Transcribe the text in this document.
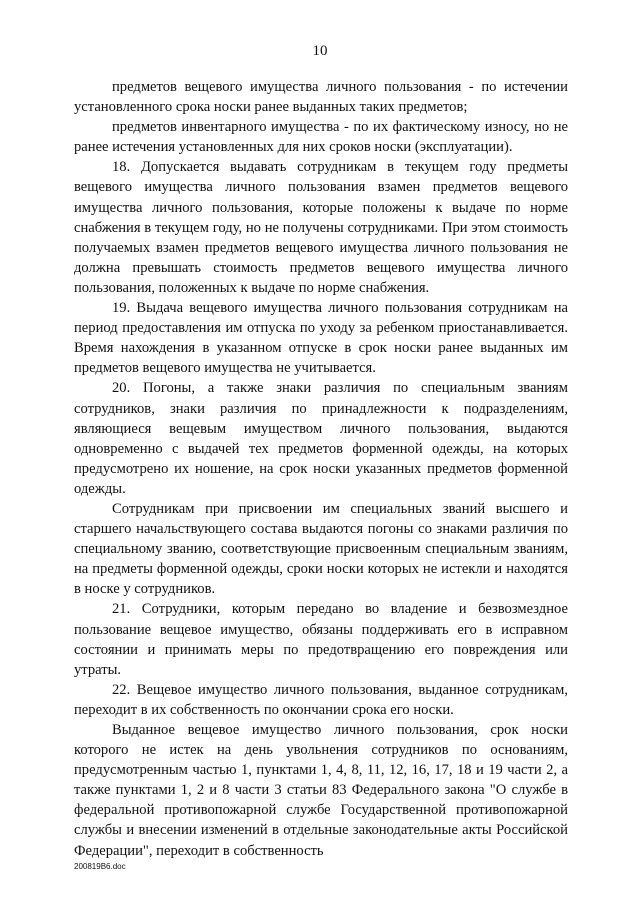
10

предметов вещевого имущества личного пользования - по истечении установленного срока носки ранее выданных таких предметов;

предметов инвентарного имущества - по их фактическому износу, но не ранее истечения установленных для них сроков носки (эксплуатации).

18. Допускается выдавать сотрудникам в текущем году предметы вещевого имущества личного пользования взамен предметов вещевого имущества личного пользования, которые положены к выдаче по норме снабжения в текущем году, но не получены сотрудниками. При этом стоимость получаемых взамен предметов вещевого имущества личного пользования не должна превышать стоимость предметов вещевого имущества личного пользования, положенных к выдаче по норме снабжения.

19. Выдача вещевого имущества личного пользования сотрудникам на период предоставления им отпуска по уходу за ребенком приостанавливается. Время нахождения в указанном отпуске в срок носки ранее выданных им предметов вещевого имущества не учитывается.

20. Погоны, а также знаки различия по специальным званиям сотрудников, знаки различия по принадлежности к подразделениям, являющиеся вещевым имуществом личного пользования, выдаются одновременно с выдачей тех предметов форменной одежды, на которых предусмотрено их ношение, на срок носки указанных предметов форменной одежды.

Сотрудникам при присвоении им специальных званий высшего и старшего начальствующего состава выдаются погоны со знаками различия по специальному званию, соответствующие присвоенным специальным званиям, на предметы форменной одежды, сроки носки которых не истекли и находятся в носке у сотрудников.

21. Сотрудники, которым передано во владение и безвозмездное пользование вещевое имущество, обязаны поддерживать его в исправном состоянии и принимать меры по предотвращению его повреждения или утраты.

22. Вещевое имущество личного пользования, выданное сотрудникам, переходит в их собственность по окончании срока его носки.

Выданное вещевое имущество личного пользования, срок носки которого не истек на день увольнения сотрудников по основаниям, предусмотренным частью 1, пунктами 1, 4, 8, 11, 12, 16, 17, 18 и 19 части 2, а также пунктами 1, 2 и 8 части 3 статьи 83 Федерального закона "О службе в федеральной противопожарной службе Государственной противопожарной службы и внесении изменений в отдельные законодательные акты Российской Федерации", переходит в собственность

200819B6.doc
